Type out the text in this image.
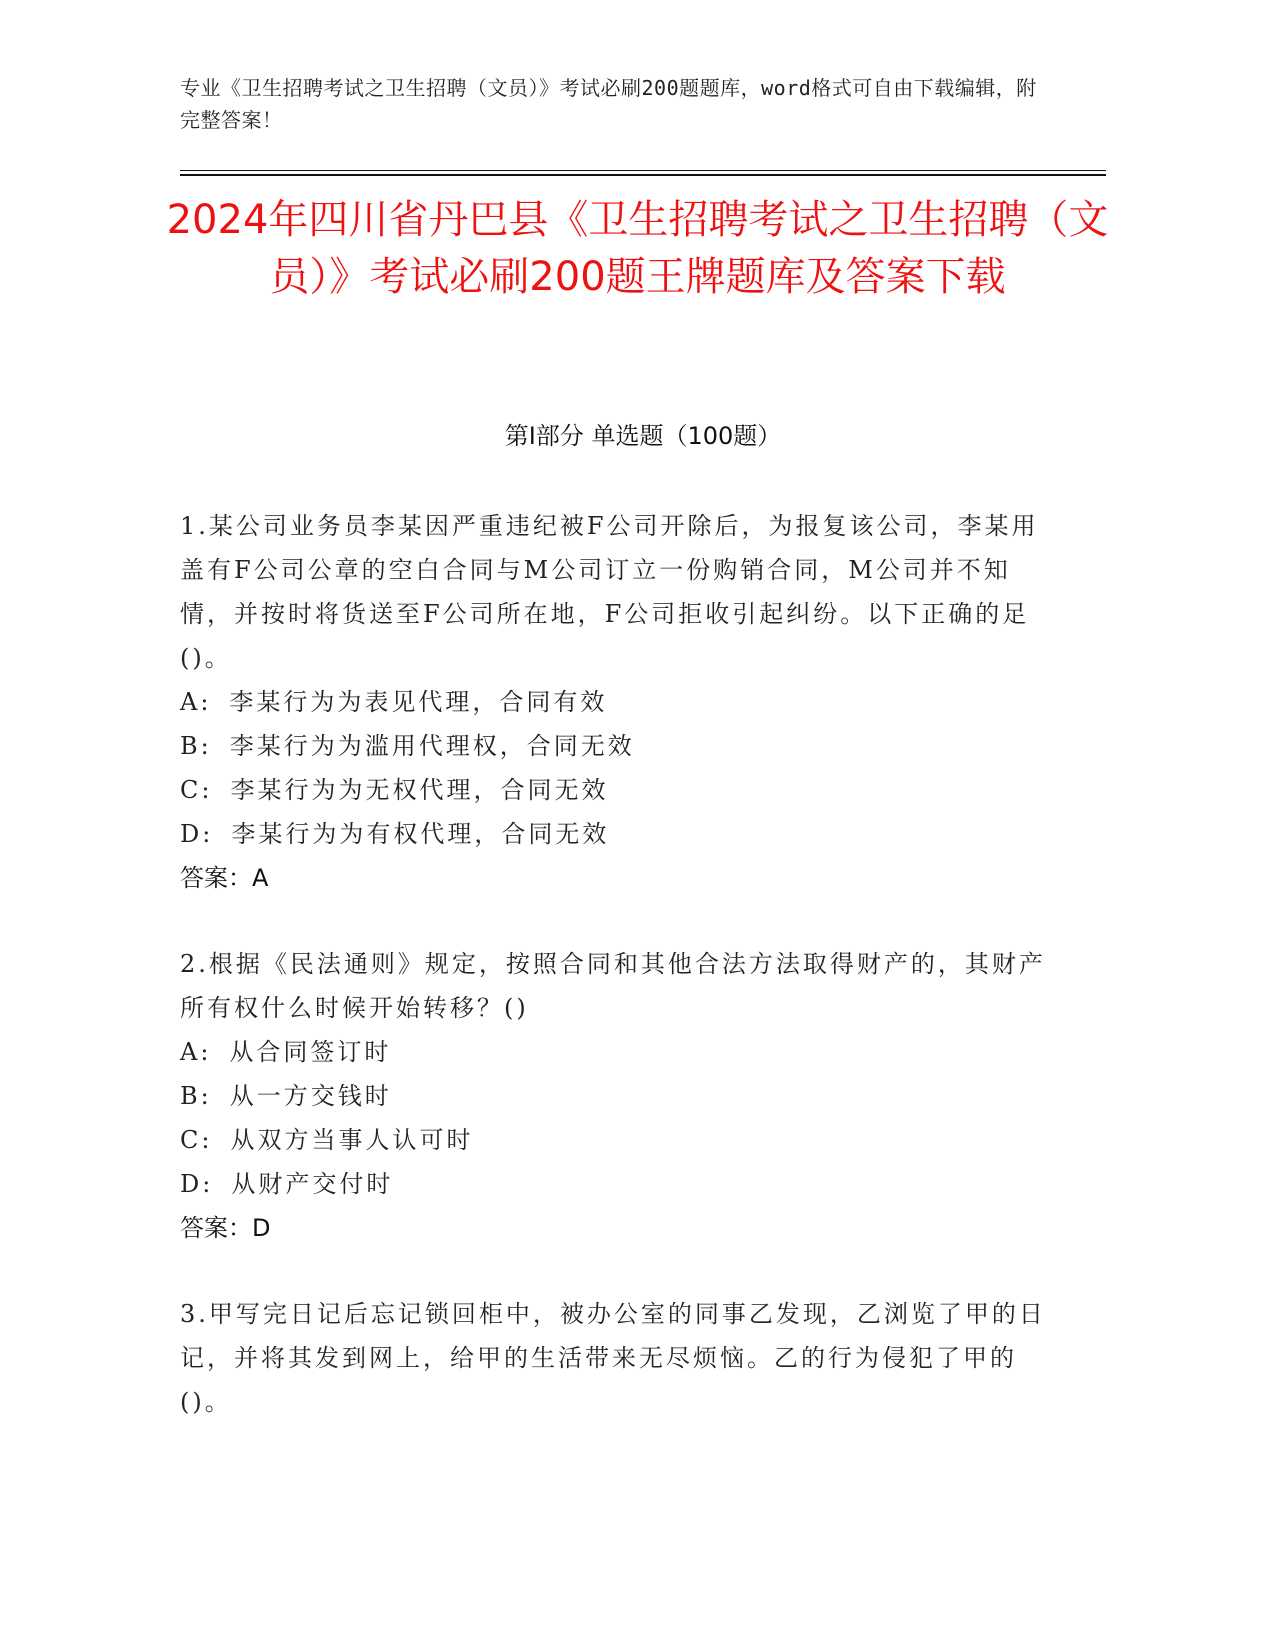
专业《卫生招聘考试之卫生招聘（文员）》考试必刷200题题库，word格式可自由下载编辑，附完整答案！
2024年四川省丹巴县《卫生招聘考试之卫生招聘（文员）》考试必刷200题王牌题库及答案下载
第Ⅰ部分 单选题（100题）

1.某公司业务员李某因严重违纪被F公司开除后，为报复该公司，李某用盖有F公司公章的空白合同与M公司订立一份购销合同，M公司并不知情，并按时将货送至F公司所在地，F公司拒收引起纠纷。以下正确的足()。

A: 李某行为为表见代理，合同有效

B: 李某行为为滥用代理权，合同无效

C: 李某行为为无权代理，合同无效

D: 李某行为为有权代理，合同无效

答案：A

2.根据《民法通则》规定，按照合同和其他合法方法取得财产的，其财产所有权什么时候开始转移？()

A: 从合同签订时

B: 从一方交钱时

C: 从双方当事人认可时

D: 从财产交付时

答案：D

3.甲写完日记后忘记锁回柜中，被办公室的同事乙发现，乙浏览了甲的日记，并将其发到网上，给甲的生活带来无尽烦恼。乙的行为侵犯了甲的()。
